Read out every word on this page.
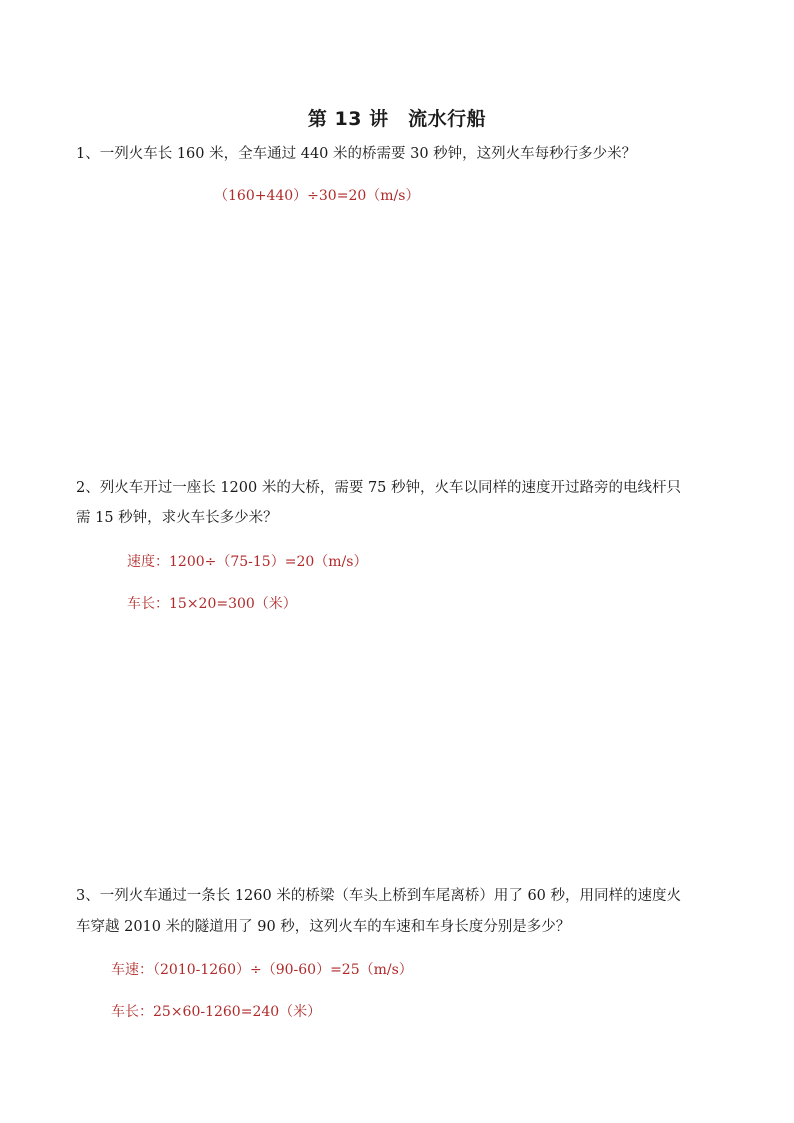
第 13 讲　流水行船
1、一列火车长 160 米，全车通过 440 米的桥需要 30 秒钟，这列火车每秒行多少米？
（160+440）÷30=20（m/s）
2、列火车开过一座长 1200 米的大桥，需要 75 秒钟，火车以同样的速度开过路旁的电线杆只
需 15 秒钟，求火车长多少米？
速度：1200÷（75-15）=20（m/s）
车长：15×20=300（米）
3、一列火车通过一条长 1260 米的桥梁（车头上桥到车尾离桥）用了 60 秒，用同样的速度火
车穿越 2010 米的隧道用了 90 秒，这列火车的车速和车身长度分别是多少？
车速：（2010-1260）÷（90-60）=25（m/s）
车长：25×60-1260=240（米）
